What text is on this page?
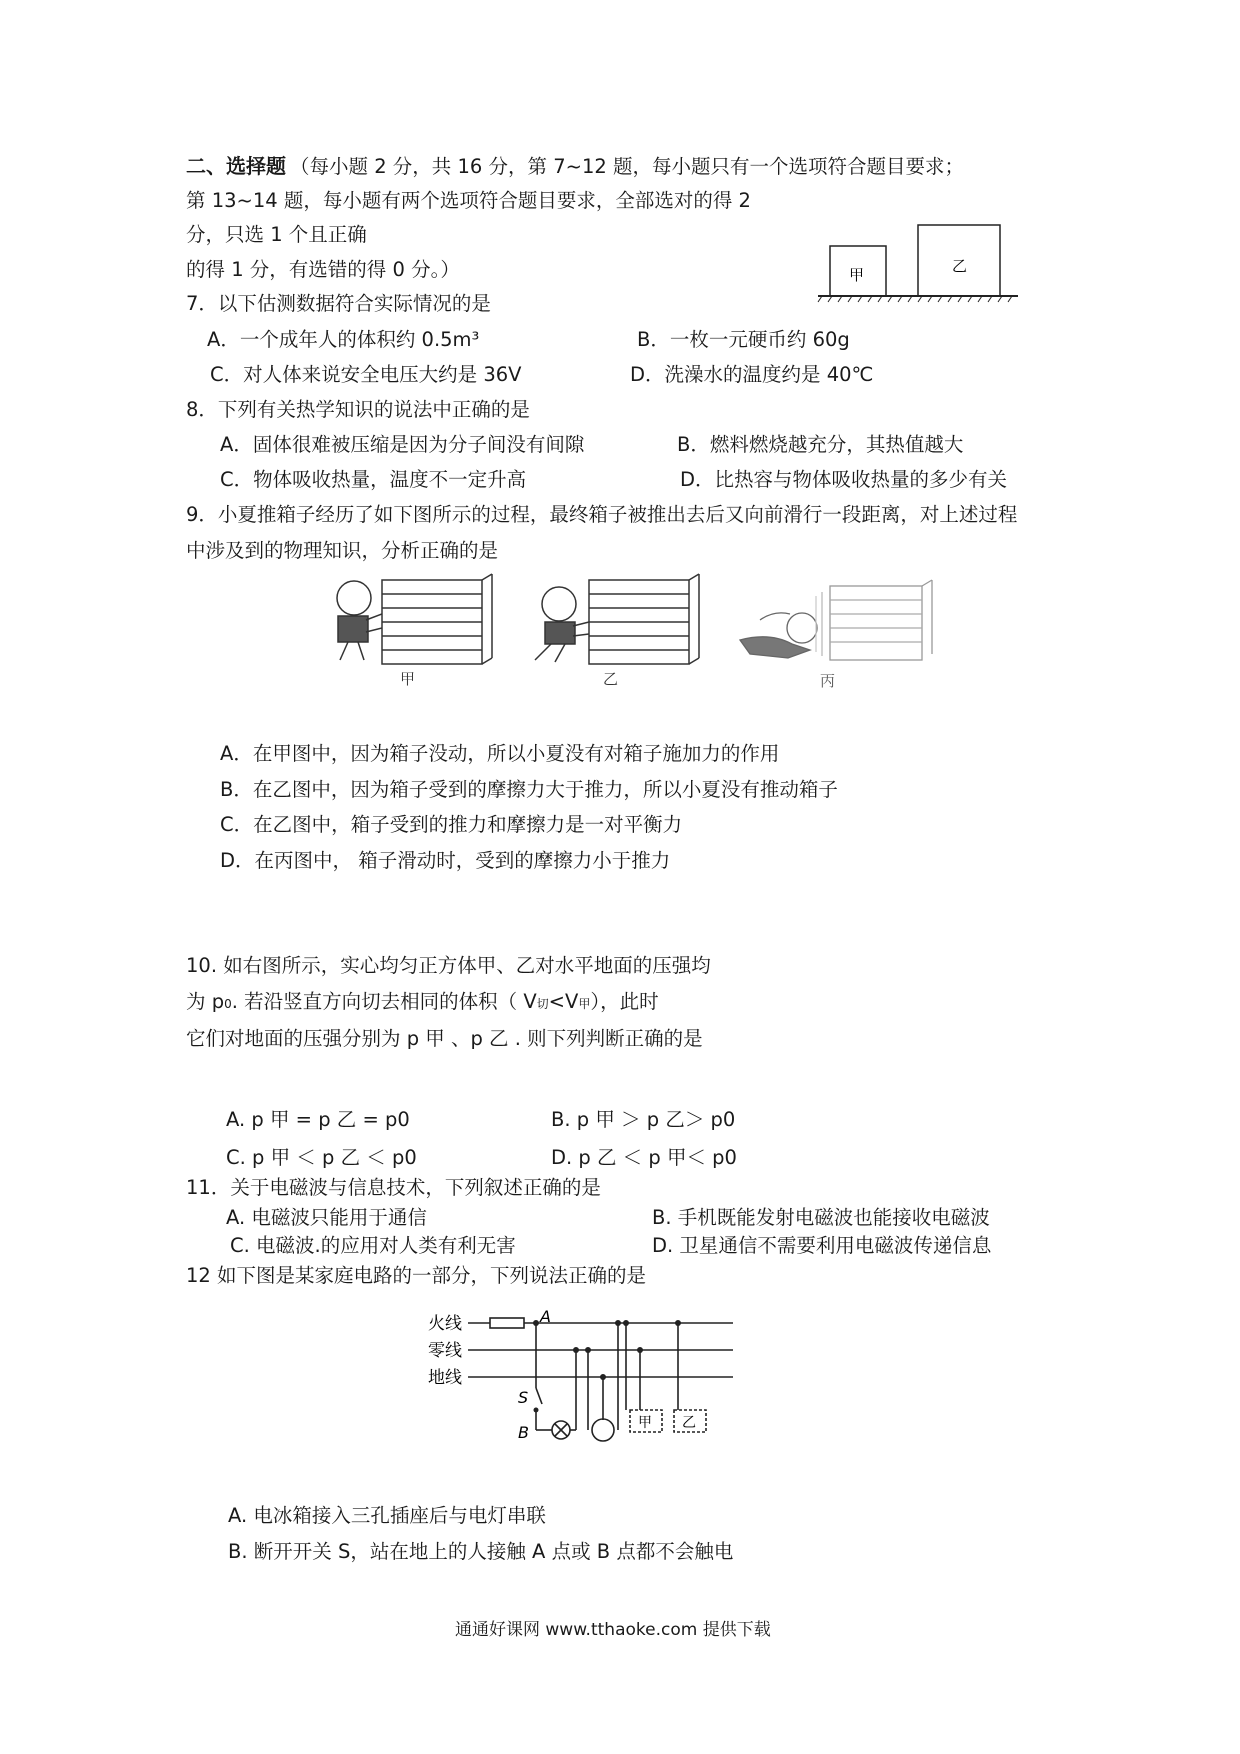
二、选择题 （每小题 2 分，共 16 分，第 7~12 题，每小题只有一个选项符合题目要求；
第 13~14 题，每小题有两个选项符合题目要求，全部选对的得 2
分，只选 1 个且正确
的得 1 分，有选错的得 0 分。）	甲	乙
7．以下估测数据符合实际情况的是
A．一个成年人的体积约 0.5m³	B．一枚一元硬币约 60g
C．对人体来说安全电压大约是 36V	D．洗澡水的温度约是 40℃
8．下列有关热学知识的说法中正确的是
A．固体很难被压缩是因为分子间没有间隙	B．燃料燃烧越充分，其热值越大
C．物体吸收热量，温度不一定升高	D．比热容与物体吸收热量的多少有关
9．小夏推箱子经历了如下图所示的过程，最终箱子被推出去后又向前滑行一段距离，对上述过程
中涉及到的物理知识，分析正确的是
甲	乙	丙
A．在甲图中，因为箱子没动，所以小夏没有对箱子施加力的作用
B．在乙图中，因为箱子受到的摩擦力大于推力，所以小夏没有推动箱子
C．在乙图中，箱子受到的推力和摩擦力是一对平衡力
D．在丙图中， 箱子滑动时，受到的摩擦力小于推力
10. 如右图所示，实心均匀正方体甲、乙对水平地面的压强均
为 p0. 若沿竖直方向切去相同的体积（ V切<V甲），此时
它们对地面的压强分别为 p 甲 、p 乙 . 则下列判断正确的是
A. p 甲 = p 乙 = p0	B. p 甲 ＞ p 乙＞ p0
C. p 甲 ＜ p 乙 ＜ p0	D. p 乙 ＜ p 甲＜ p0
11．关于电磁波与信息技术，下列叙述正确的是
A. 电磁波只能用于通信	B. 手机既能发射电磁波也能接收电磁波
C. 电磁波.的应用对人类有利无害	D. 卫星通信不需要利用电磁波传递信息
12 如下图是某家庭电路的一部分，下列说法正确的是
火线
零线
地线
A
S
B	甲 乙
A. 电冰箱接入三孔插座后与电灯串联
B. 断开开关 S，站在地上的人接触 A 点或 B 点都不会触电
通通好课网 www.tthaoke.com 提供下载
